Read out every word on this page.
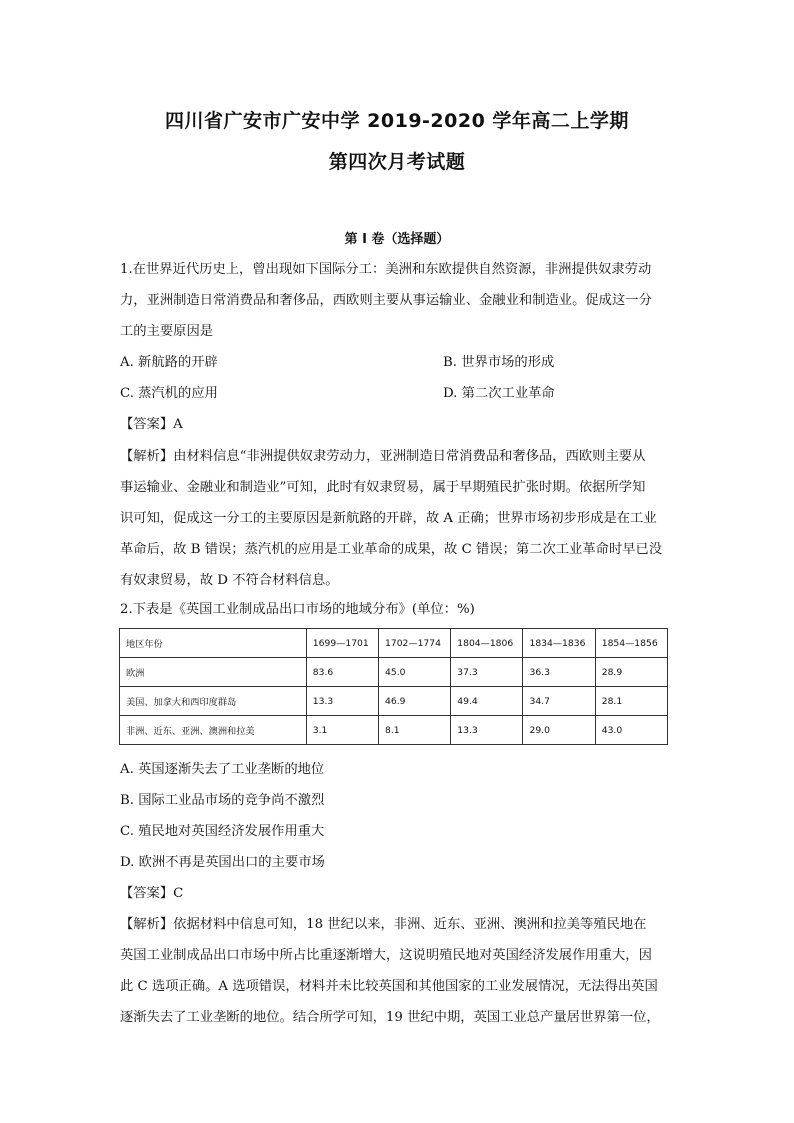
四川省广安市广安中学 2019-2020 学年高二上学期
第四次月考试题
第 I 卷（选择题）
1.在世界近代历史上，曾出现如下国际分工：美洲和东欧提供自然资源，非洲提供奴隶劳动
力，亚洲制造日常消费品和奢侈品，西欧则主要从事运输业、金融业和制造业。促成这一分
工的主要原因是
A. 新航路的开辟	B. 世界市场的形成
C. 蒸汽机的应用	D. 第二次工业革命
【答案】A
【解析】由材料信息“非洲提供奴隶劳动力，亚洲制造日常消费品和奢侈品，西欧则主要从
事运输业、金融业和制造业”可知，此时有奴隶贸易，属于早期殖民扩张时期。依据所学知
识可知，促成这一分工的主要原因是新航路的开辟，故 A 正确；世界市场初步形成是在工业
革命后，故 B 错误；蒸汽机的应用是工业革命的成果，故 C 错误；第二次工业革命时早已没
有奴隶贸易，故 D 不符合材料信息。
2.下表是《英国工业制成品出口市场的地域分布》(单位：%)
地区年份	1699—1701	1702—1774	1804—1806	1834—1836	1854—1856
欧洲	83.6	45.0	37.3	36.3	28.9
美国、加拿大和西印度群岛	13.3	46.9	49.4	34.7	28.1
非洲、近东、亚洲、澳洲和拉美	3.1	8.1	13.3	29.0	43.0
A. 英国逐渐失去了工业垄断的地位
B. 国际工业品市场的竞争尚不激烈
C. 殖民地对英国经济发展作用重大
D. 欧洲不再是英国出口的主要市场
【答案】C
【解析】依据材料中信息可知，18 世纪以来，非洲、近东、亚洲、澳洲和拉美等殖民地在
英国工业制成品出口市场中所占比重逐渐增大，这说明殖民地对英国经济发展作用重大，因
此 C 选项正确。A 选项错误，材料并未比较英国和其他国家的工业发展情况，无法得出英国
逐渐失去了工业垄断的地位。结合所学可知，19 世纪中期，英国工业总产量居世界第一位，
